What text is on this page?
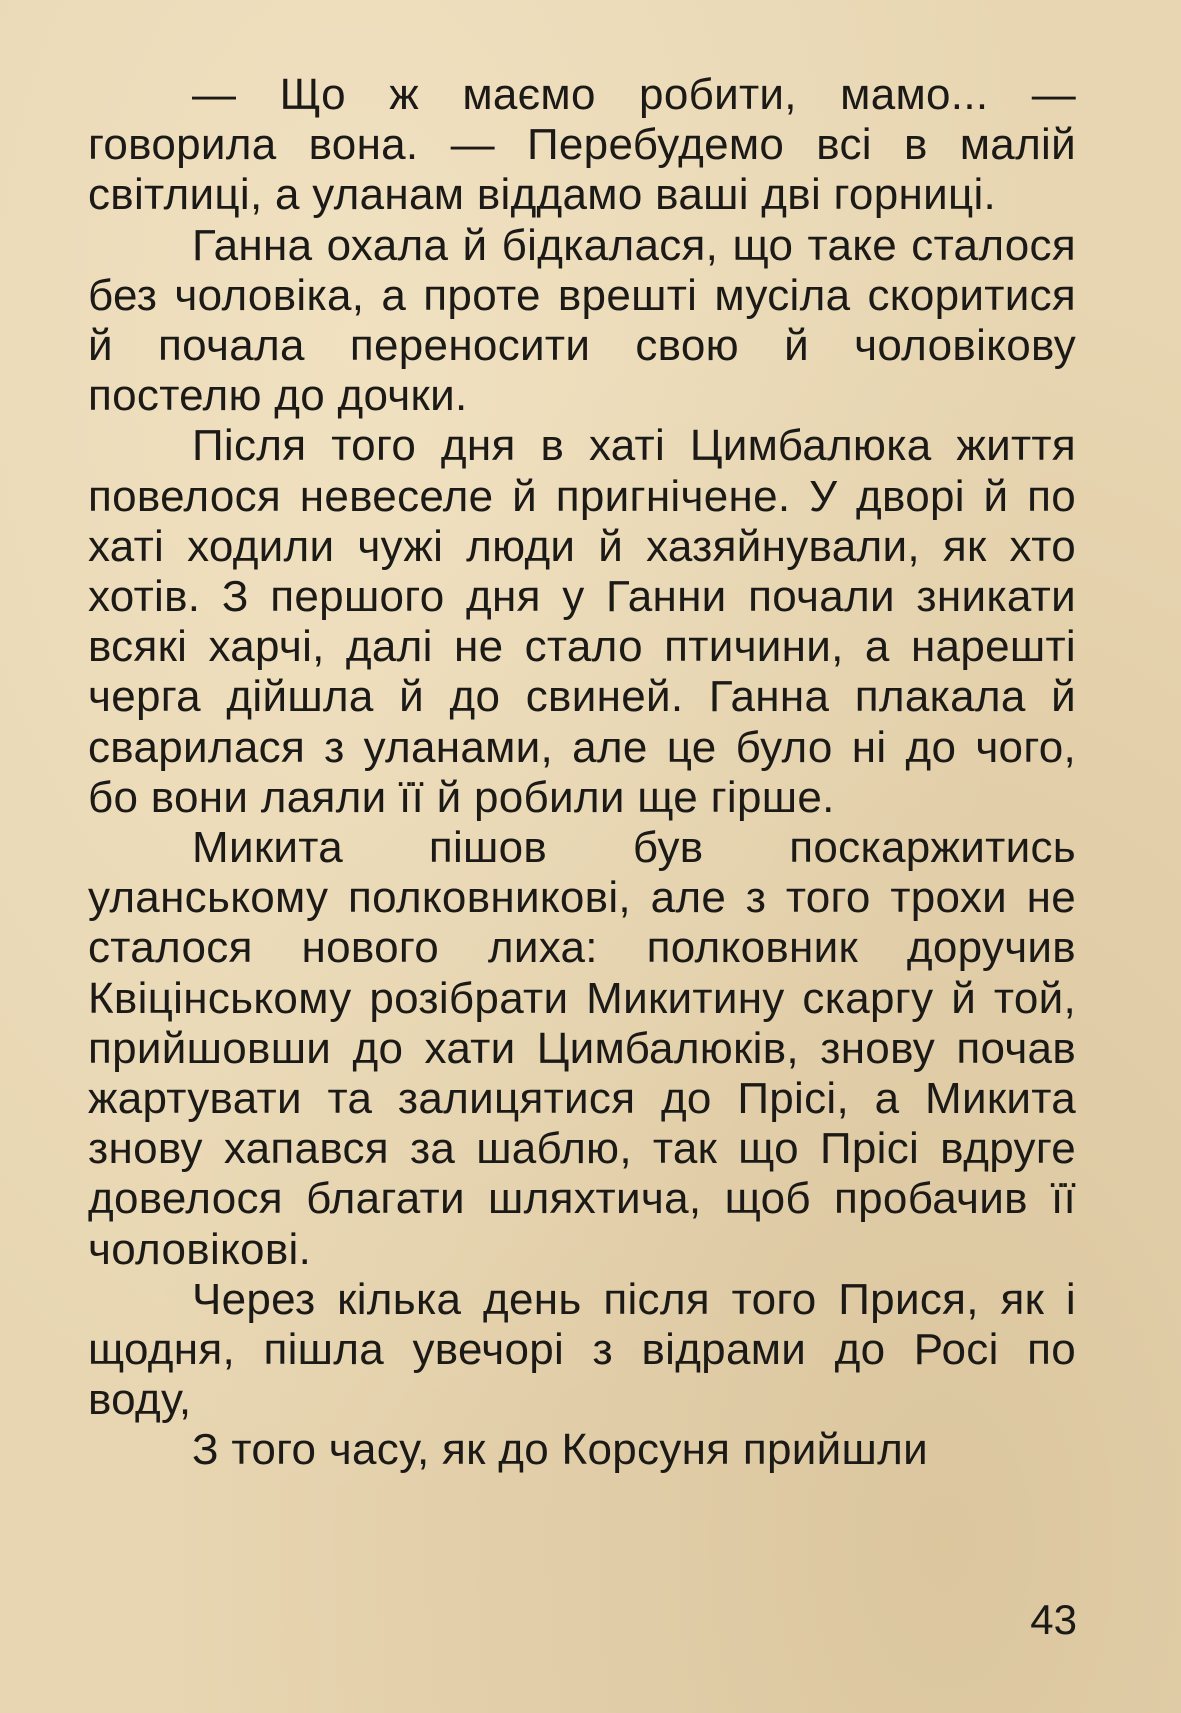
— Що ж маємо робити, мамо... — говорила вона. — Перебудемо всі в малій світлиці, а уланам віддамо ваші дві горниці.

Ганна охала й бідкалася, що таке сталося без чоловіка, а проте врешті мусіла скоритися й почала переносити свою й чоловікову постелю до дочки.

Після того дня в хаті Цимбалюка життя повелося невеселе й пригнічене. У дворі й по хаті ходили чужі люди й хазяйнували, як хто хотів. З першого дня у Ганни почали зникати всякі харчі, далі не стало птичини, а нарешті черга дійшла й до свиней. Ганна плакала й сварилася з уланами, але це було ні до чого, бо вони лаяли її й робили ще гірше.

Микита пішов був поскаржитись уланському полковникові, але з того трохи не сталося нового лиха: полковник доручив Квіцінському розібрати Микитину скаргу й той, прийшовши до хати Цимбалюків, знову почав жартувати та залицятися до Прісі, а Микита знову хапався за шаблю, так що Прісі вдруге довелося благати шляхтича, щоб пробачив її чоловікові.

Через кілька день після того Прися, як і щодня, пішла увечорі з відрами до Росі по воду,

З того часу, як до Корсуня прийшли

43
